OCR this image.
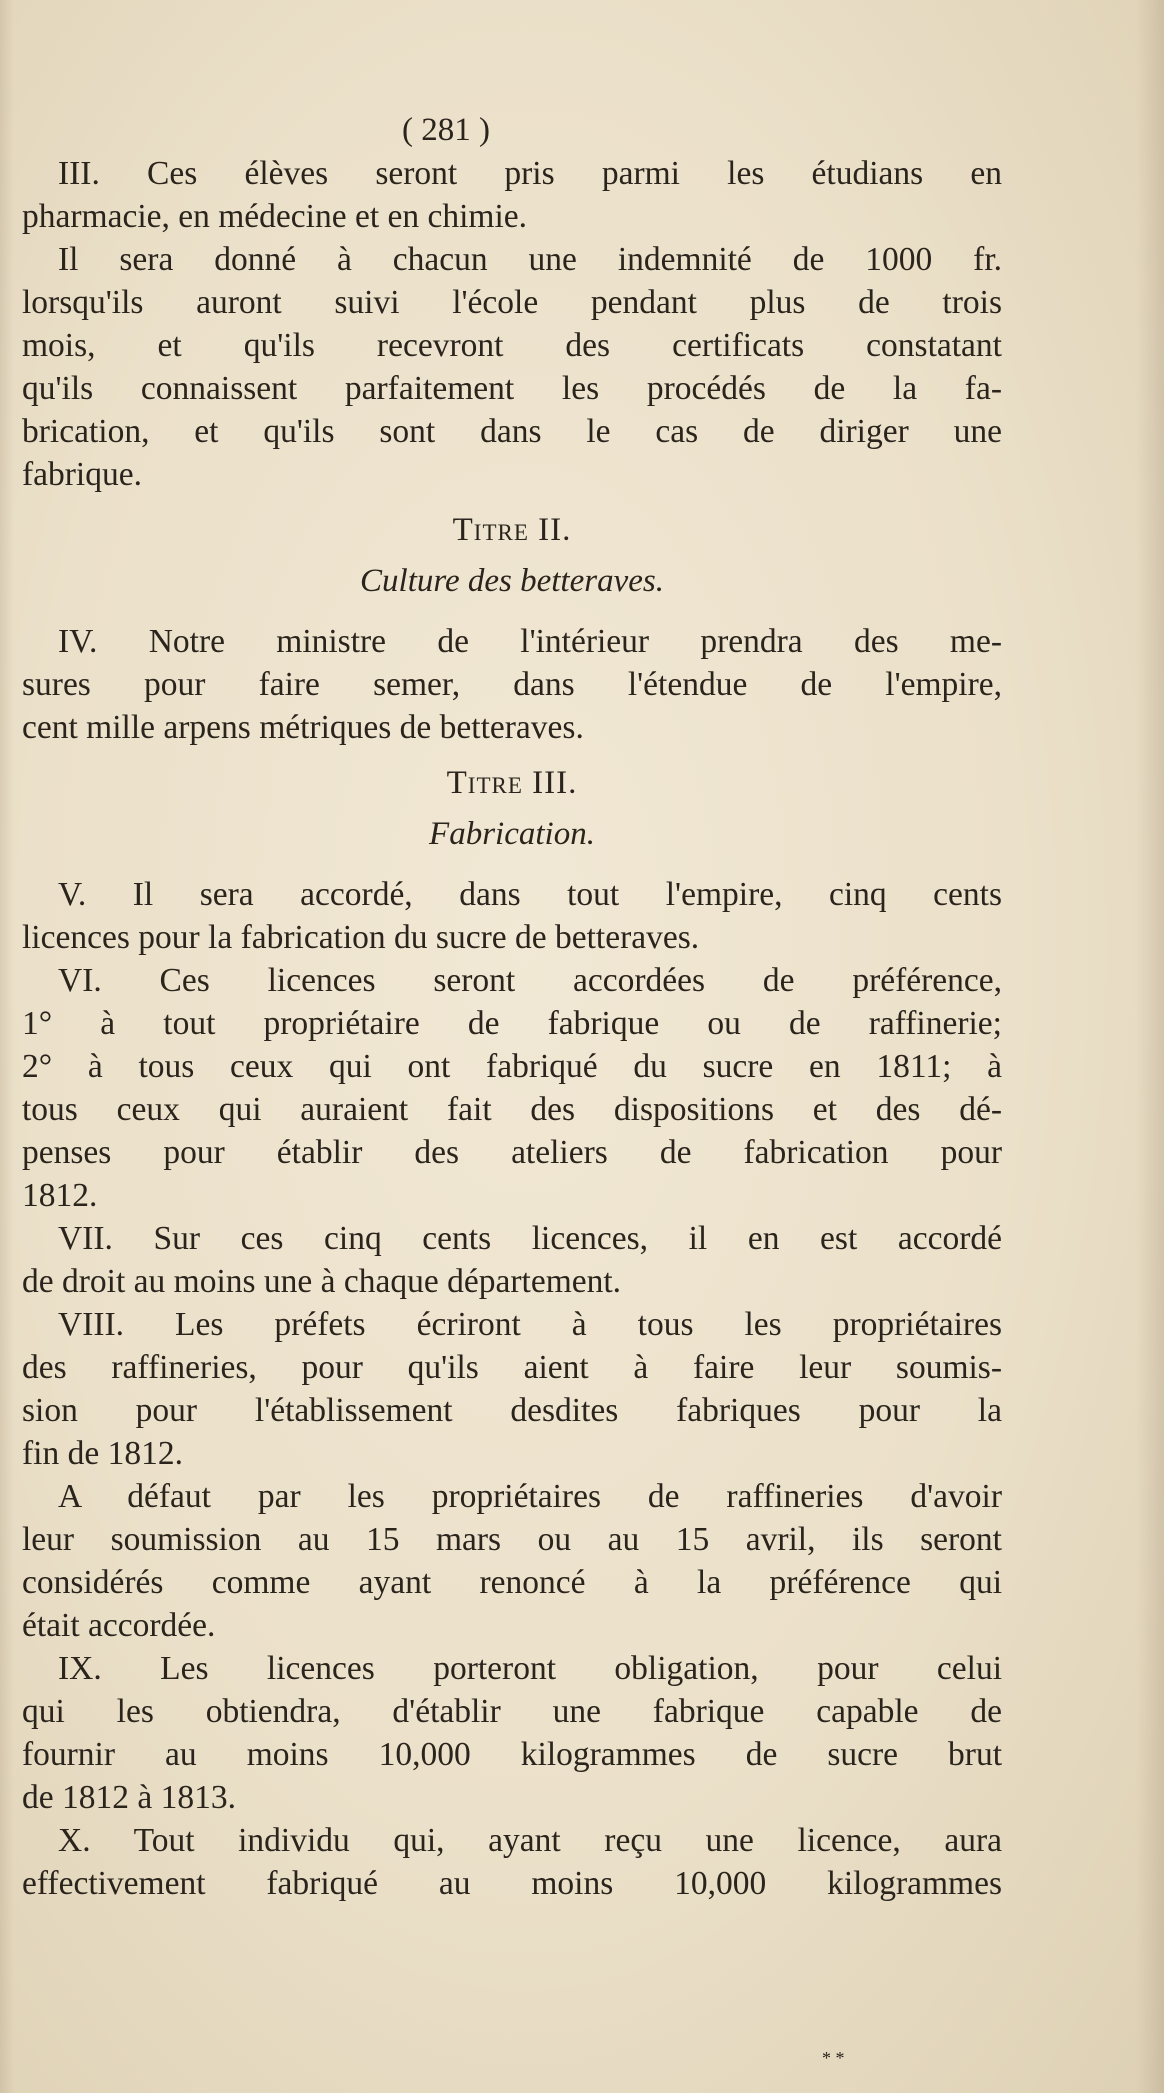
( 281 )
III. Ces élèves seront pris parmi les étudians en
pharmacie, en médecine et en chimie.
Il sera donné à chacun une indemnité de 1000 fr.
lorsqu'ils auront suivi l'école pendant plus de trois
mois, et qu'ils recevront des certificats constatant
qu'ils connaissent parfaitement les procédés de la fa-
brication, et qu'ils sont dans le cas de diriger une
fabrique.
Titre II.
Culture des betteraves.
IV. Notre ministre de l'intérieur prendra des me-
sures pour faire semer, dans l'étendue de l'empire,
cent mille arpens métriques de betteraves.
Titre III.
Fabrication.
V. Il sera accordé, dans tout l'empire, cinq cents
licences pour la fabrication du sucre de betteraves.
VI. Ces licences seront accordées de préférence,
1° à tout propriétaire de fabrique ou de raffinerie;
2° à tous ceux qui ont fabriqué du sucre en 1811; à
tous ceux qui auraient fait des dispositions et des dé-
penses pour établir des ateliers de fabrication pour
1812.
VII. Sur ces cinq cents licences, il en est accordé
de droit au moins une à chaque département.
VIII. Les préfets écriront à tous les propriétaires
des raffineries, pour qu'ils aient à faire leur soumis-
sion pour l'établissement desdites fabriques pour la
fin de 1812.
A défaut par les propriétaires de raffineries d'avoir
leur soumission au 15 mars ou au 15 avril, ils seront
considérés comme ayant renoncé à la préférence qui
était accordée.
IX. Les licences porteront obligation, pour celui
qui les obtiendra, d'établir une fabrique capable de
fournir au moins 10,000 kilogrammes de sucre brut
de 1812 à 1813.
X. Tout individu qui, ayant reçu une licence, aura
effectivement fabriqué au moins 10,000 kilogrammes
* *
